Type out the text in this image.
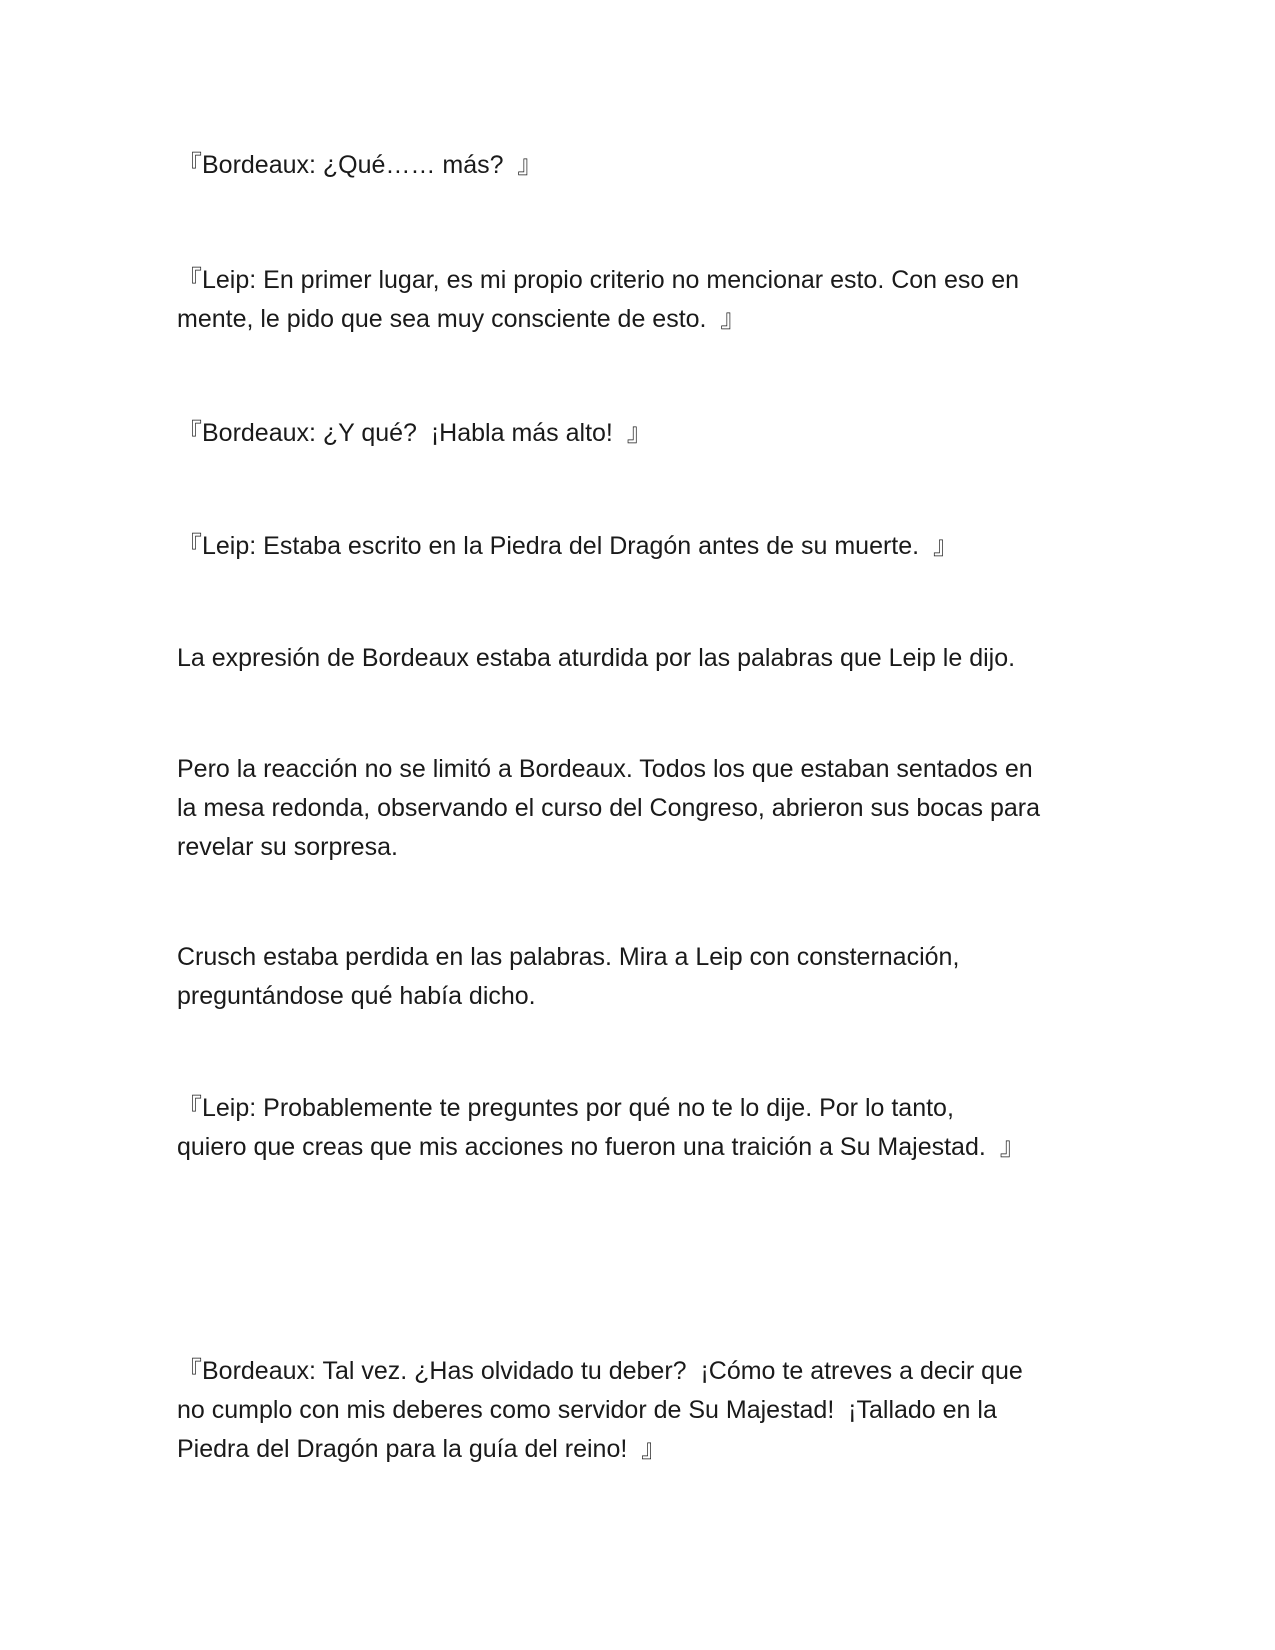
『Bordeaux: ¿Qué…… más?  』

『Leip: En primer lugar, es mi propio criterio no mencionar esto. Con eso en
mente, le pido que sea muy consciente de esto.  』

『Bordeaux: ¿Y qué?  ¡Habla más alto!  』

『Leip: Estaba escrito en la Piedra del Dragón antes de su muerte.  』

La expresión de Bordeaux estaba aturdida por las palabras que Leip le dijo.

Pero la reacción no se limitó a Bordeaux. Todos los que estaban sentados en
la mesa redonda, observando el curso del Congreso, abrieron sus bocas para
revelar su sorpresa.

Crusch estaba perdida en las palabras. Mira a Leip con consternación,
preguntándose qué había dicho.

『Leip: Probablemente te preguntes por qué no te lo dije. Por lo tanto,
quiero que creas que mis acciones no fueron una traición a Su Majestad.  』

『Bordeaux: Tal vez. ¿Has olvidado tu deber?  ¡Cómo te atreves a decir que
no cumplo con mis deberes como servidor de Su Majestad!  ¡Tallado en la
Piedra del Dragón para la guía del reino!  』
